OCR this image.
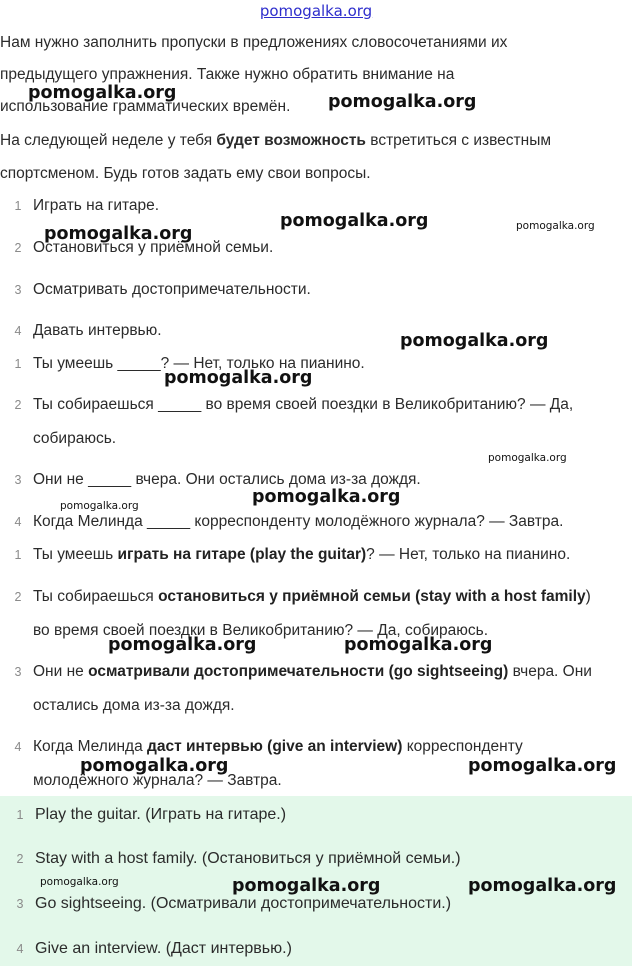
pomogalka.org

Нам нужно заполнить пропуски в предложениях словосочетаниями их

предыдущего упражнения. Также нужно обратить внимание на

использование грамматических времён.

На следующей неделе у тебя будет возможность встретиться с известным

спортсменом. Будь готов задать ему свои вопросы.

1 Играть на гитаре.
2 Остановиться у приёмной семьи.
3 Осматривать достопримечательности.
4 Давать интервью.
1 Ты умеешь _____? — Нет, только на пианино.
2 Ты собираешься _____ во время своей поездки в Великобританию? — Да,
собираюсь.
3 Они не _____ вчера. Они остались дома из-за дождя.
4 Когда Мелинда _____ корреспонденту молодёжного журнала? — Завтра.
1 Ты умеешь играть на гитаре (play the guitar)? — Нет, только на пианино.
2 Ты собираешься остановиться у приёмной семьи (stay with a host family)
во время своей поездки в Великобританию? — Да, собираюсь.
3 Они не осматривали достопримечательности (go sightseeing) вчера. Они
остались дома из-за дождя.
4 Когда Мелинда даст интервью (give an interview) корреспонденту
молодёжного журнала? — Завтра.
1 Play the guitar. (Играть на гитаре.)
2 Stay with a host family. (Остановиться у приёмной семьи.)
3 Go sightseeing. (Осматривали достопримечательности.)
4 Give an interview. (Даст интервью.)
pomogalka.org	pomogalka.org
pomogalka.org	pomogalka.org
pomogalka.org
pomogalka.org
pomogalka.org
pomogalka.org
pomogalka.org
pomogalka.org
pomogalka.org	pomogalka.org
pomogalka.org	pomogalka.org
pomogalka.org	pomogalka.org	pomogalka.org
